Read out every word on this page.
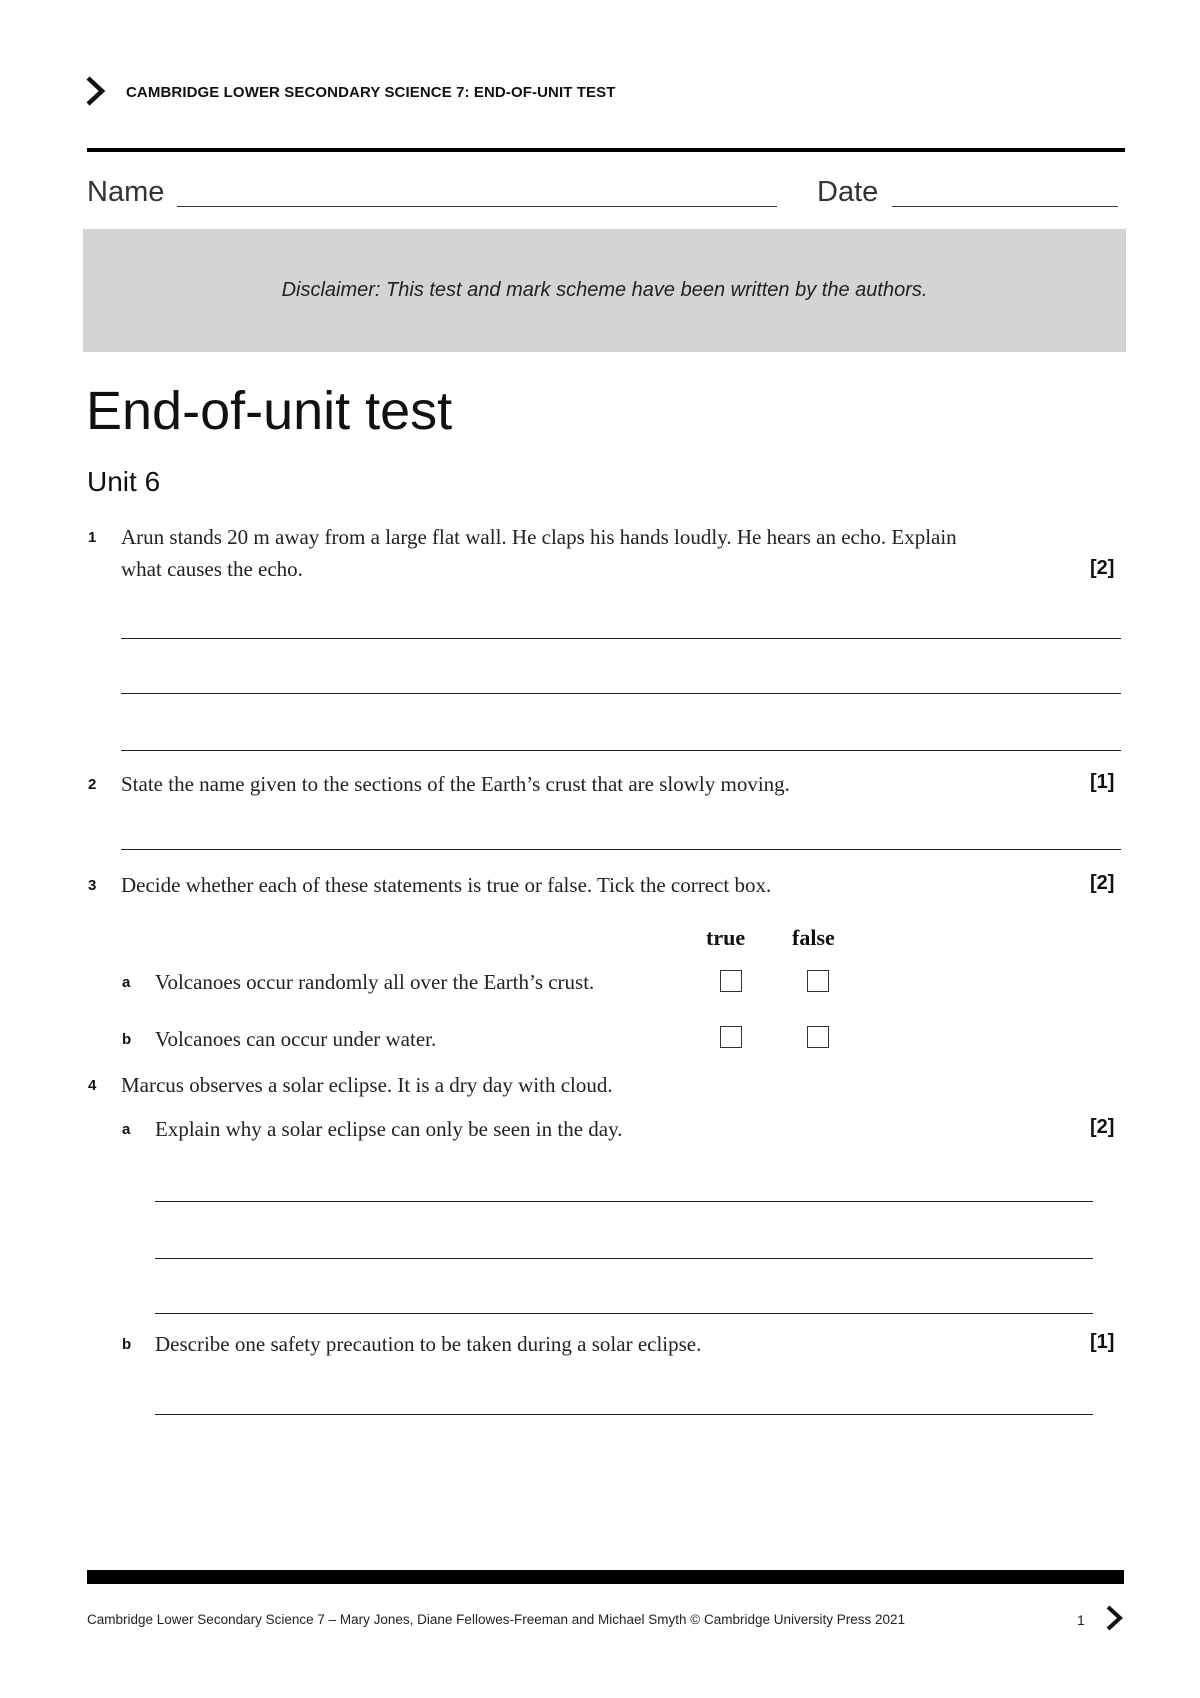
CAMBRIDGE LOWER SECONDARY SCIENCE 7: END-OF-UNIT TEST
Name	Date
Disclaimer: This test and mark scheme have been written by the authors.
End-of-unit test
Unit 6
1 Arun stands 20 m away from a large flat wall. He claps his hands loudly. He hears an echo. Explain
what causes the echo.	[2]
2 State the name given to the sections of the Earth’s crust that are slowly moving.	[1]
3 Decide whether each of these statements is true or false. Tick the correct box.	[2]
true false
a Volcanoes occur randomly all over the Earth’s crust.
b Volcanoes can occur under water.
4 Marcus observes a solar eclipse. It is a dry day with cloud.
a Explain why a solar eclipse can only be seen in the day.	[2]
b Describe one safety precaution to be taken during a solar eclipse.	[1]
Cambridge Lower Secondary Science 7 – Mary Jones, Diane Fellowes-Freeman and Michael Smyth © Cambridge University Press 2021	1
